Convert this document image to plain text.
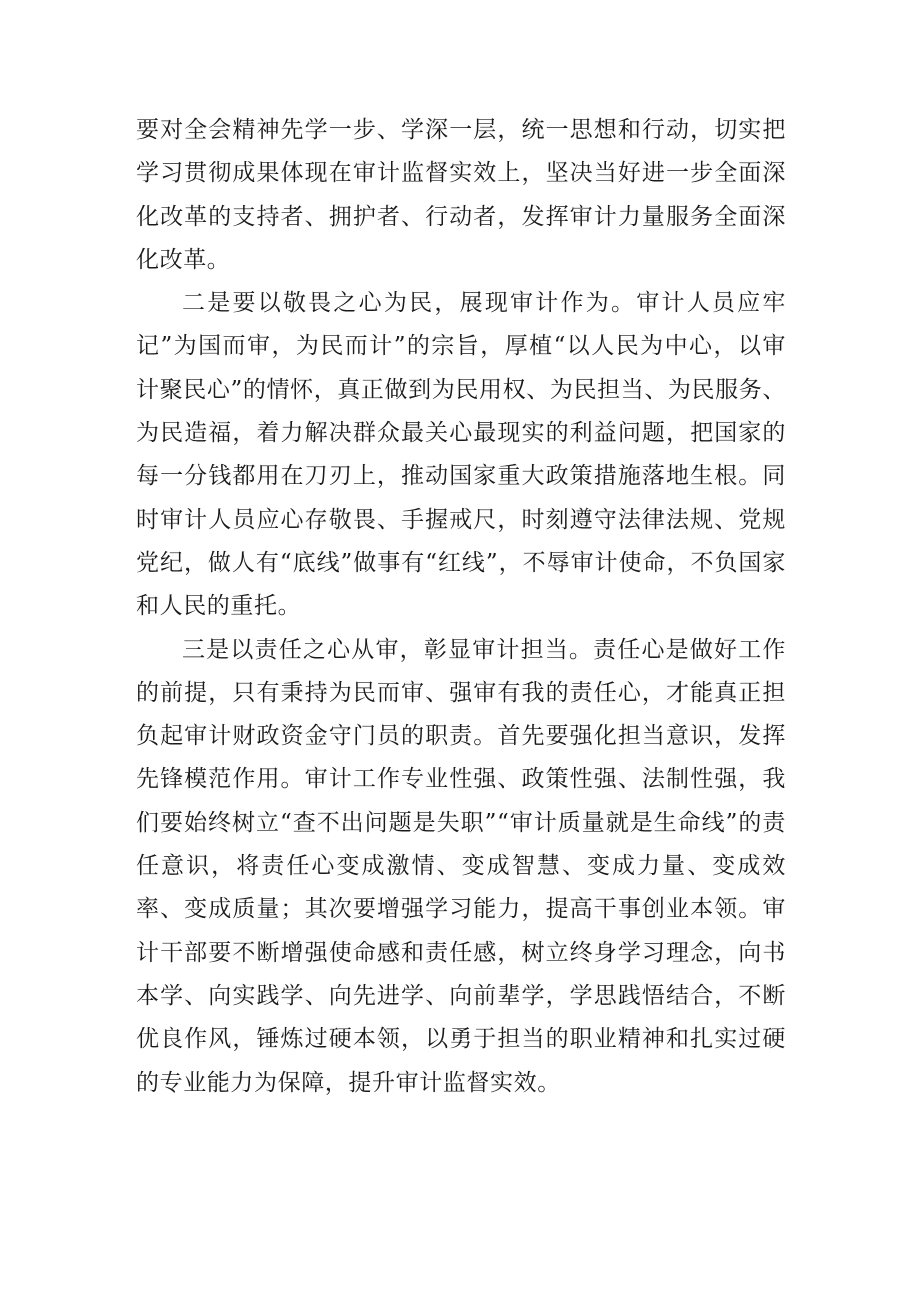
要对全会精神先学一步、学深一层，统一思想和行动，切实把学习贯彻成果体现在审计监督实效上，坚决当好进一步全面深化改革的支持者、拥护者、行动者，发挥审计力量服务全面深化改革。

二是要以敬畏之心为民，展现审计作为。审计人员应牢记”为国而审，为民而计”的宗旨，厚植“以人民为中心，以审计聚民心”的情怀，真正做到为民用权、为民担当、为民服务、为民造福，着力解决群众最关心最现实的利益问题，把国家的每一分钱都用在刀刃上，推动国家重大政策措施落地生根。同时审计人员应心存敬畏、手握戒尺，时刻遵守法律法规、党规党纪，做人有“底线”做事有“红线”，不辱审计使命，不负国家和人民的重托。

三是以责任之心从审，彰显审计担当。责任心是做好工作的前提，只有秉持为民而审、强审有我的责任心，才能真正担负起审计财政资金守门员的职责。首先要强化担当意识，发挥先锋模范作用。审计工作专业性强、政策性强、法制性强，我们要始终树立“查不出问题是失职”“审计质量就是生命线”的责任意识，将责任心变成激情、变成智慧、变成力量、变成效率、变成质量；其次要增强学习能力，提高干事创业本领。审计干部要不断增强使命感和责任感，树立终身学习理念，向书本学、向实践学、向先进学、向前辈学，学思践悟结合，不断优良作风，锤炼过硬本领，以勇于担当的职业精神和扎实过硬的专业能力为保障，提升审计监督实效。
